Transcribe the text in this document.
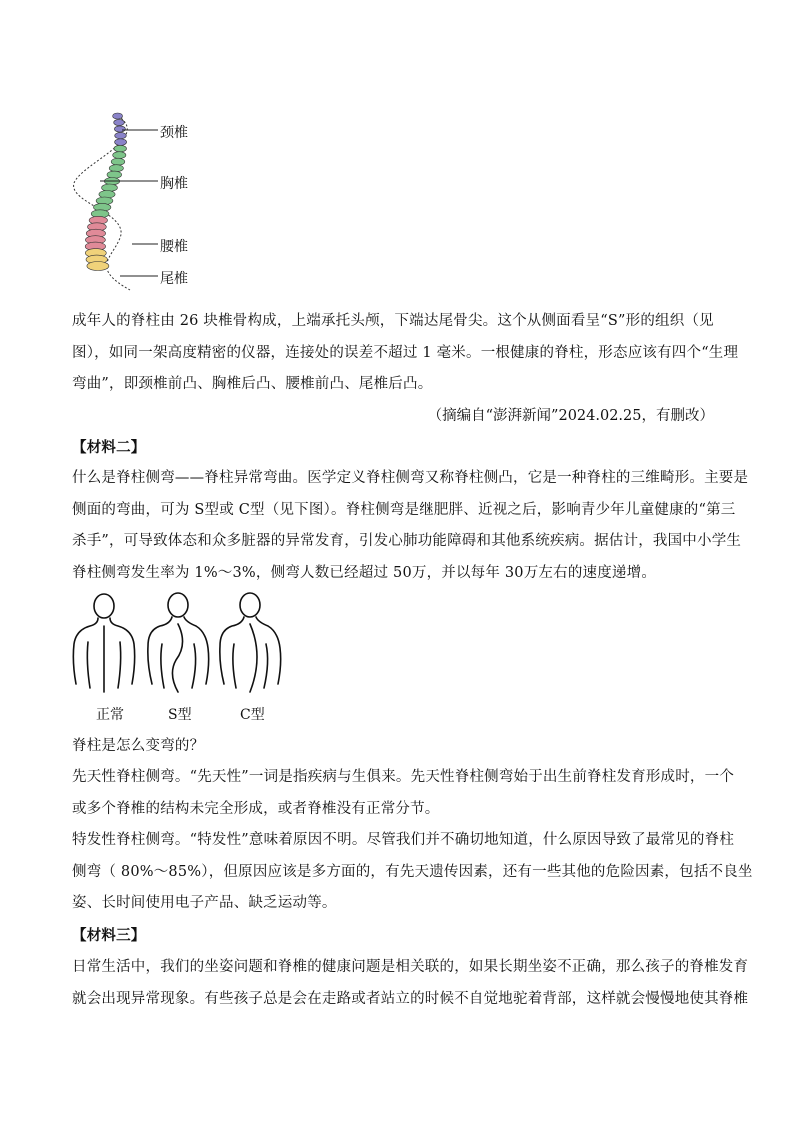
颈椎
胸椎
腰椎
尾椎
成年人的脊柱由 26 块椎骨构成，上端承托头颅，下端达尾骨尖。这个从侧面看呈“S”形的组织（见
图），如同一架高度精密的仪器，连接处的误差不超过 1 毫米。一根健康的脊柱，形态应该有四个“生理
弯曲”，即颈椎前凸、胸椎后凸、腰椎前凸、尾椎后凸。
（摘编自“澎湃新闻”2024.02.25，有删改）
【材料二】
什么是脊柱侧弯——脊柱异常弯曲。医学定义脊柱侧弯又称脊柱侧凸，它是一种脊柱的三维畸形。主要是
侧面的弯曲，可为 S型或 C型（见下图）。脊柱侧弯是继肥胖、近视之后，影响青少年儿童健康的“第三
杀手”，可导致体态和众多脏器的异常发育，引发心肺功能障碍和其他系统疾病。据估计，我国中小学生
脊柱侧弯发生率为 1%～3%，侧弯人数已经超过 50万，并以每年 30万左右的速度递增。
正常	S型	C型
脊柱是怎么变弯的？
先天性脊柱侧弯。“先天性”一词是指疾病与生俱来。先天性脊柱侧弯始于出生前脊柱发育形成时，一个
或多个脊椎的结构未完全形成，或者脊椎没有正常分节。
特发性脊柱侧弯。“特发性”意味着原因不明。尽管我们并不确切地知道，什么原因导致了最常见的脊柱
侧弯（ 80%～85%），但原因应该是多方面的，有先天遗传因素，还有一些其他的危险因素，包括不良坐
姿、长时间使用电子产品、缺乏运动等。
【材料三】
日常生活中，我们的坐姿问题和脊椎的健康问题是相关联的，如果长期坐姿不正确，那么孩子的脊椎发育
就会出现异常现象。有些孩子总是会在走路或者站立的时候不自觉地驼着背部，这样就会慢慢地使其脊椎
